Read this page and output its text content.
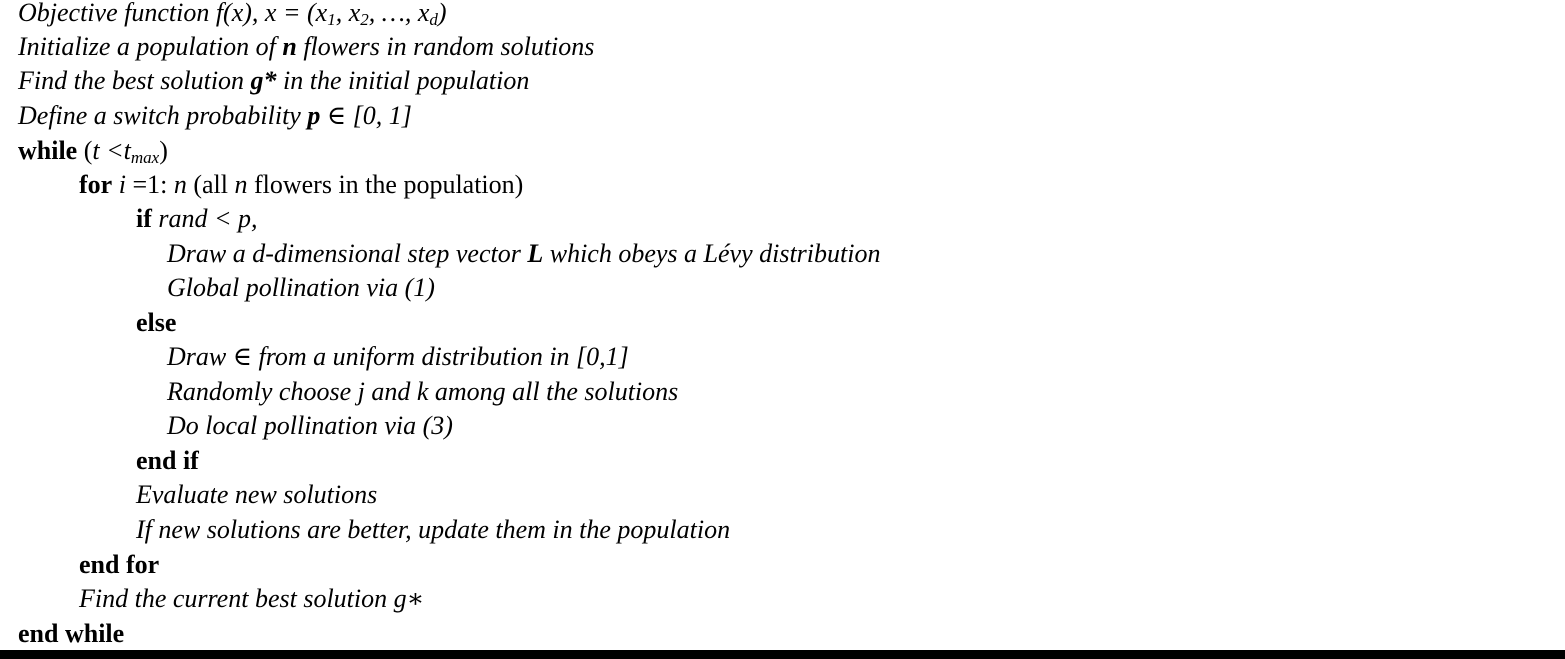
Objective function f(x), $x = (x_1$, $x_2$, …, $x_d$)
Initialize a population of n flowers in random solutions
Find the best solution g* in the initial population
Define a switch probability p ∈ [0, 1]
while $(t <t_{max})$
for i =1: n (all n flowers in the population)
if rand < p,
Draw a d-dimensional step vector L which obeys a Lévy distribution
Global pollination via (1)
else
Draw ∈ from a uniform distribution in [0,1]
Randomly choose j and k among all the solutions
Do local pollination via (3)
end if
Evaluate new solutions
If new solutions are better, update them in the population
end for
Find the current best solution g∗
end while
